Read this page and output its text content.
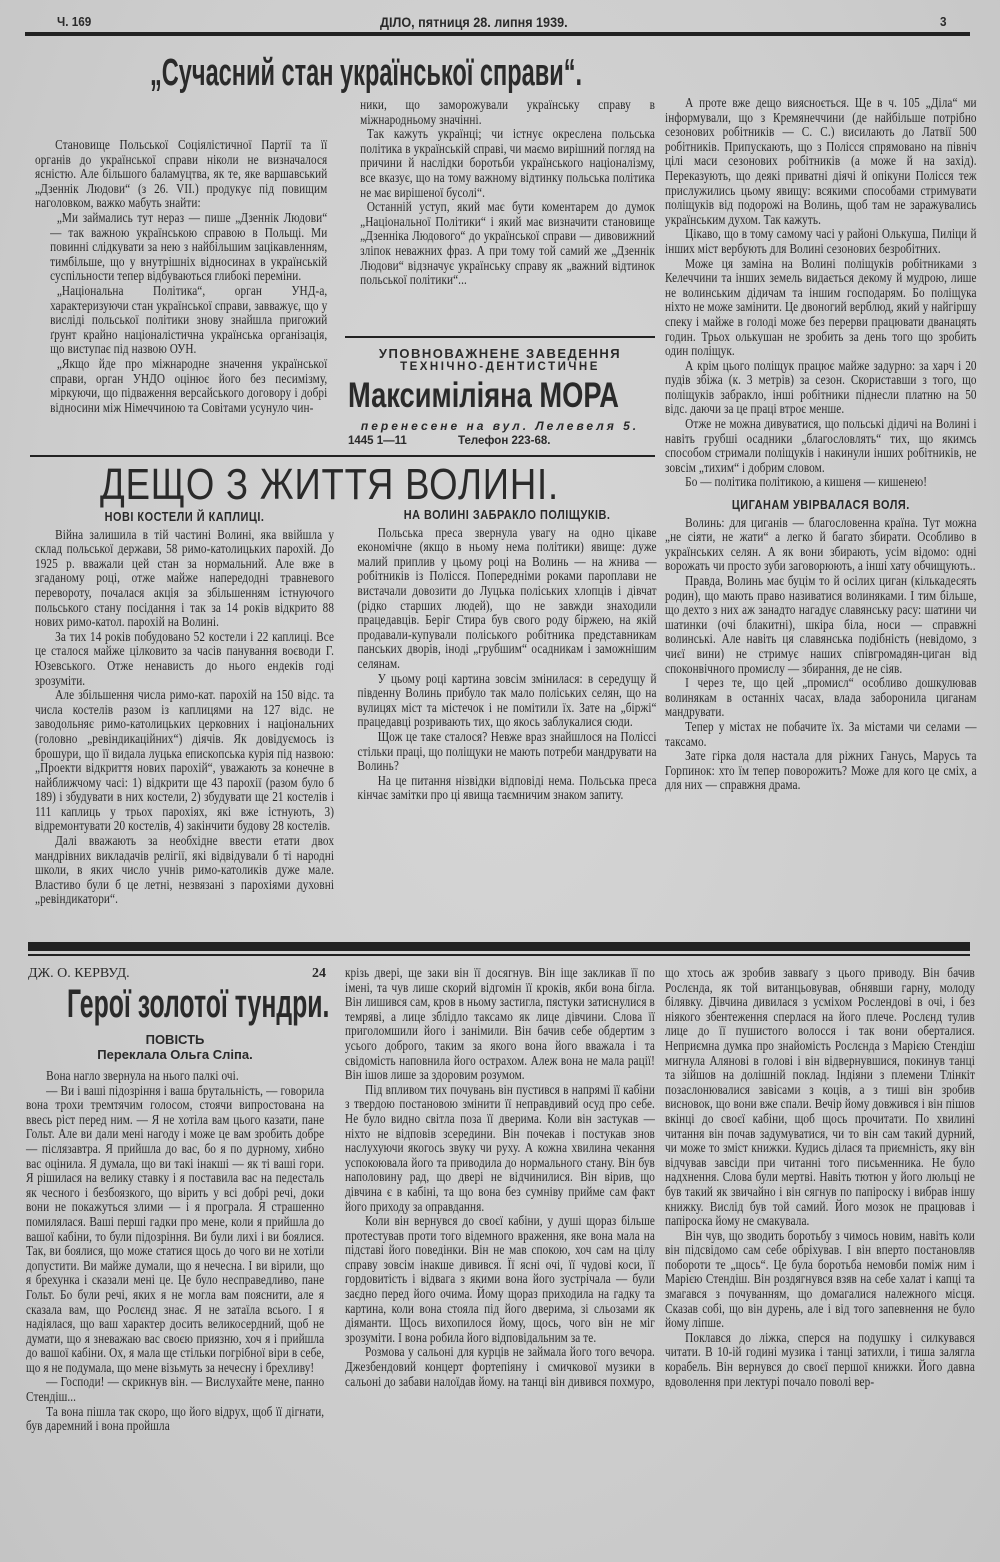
Ч. 169	ДІЛО, пятниця 28. липня 1939.	3
„Сучасний стан української справи“.

Становище Польської Соціялістичної Партії та її органів до української справи ніколи не визначалося ясністю. Але більшого баламуцтва, як те, яке варшавський „Дзеннік Людови“ (з 26. VII.) продукує під повищим наголовком, важко мабуть знайти:

„Ми займались тут нераз — пише „Дзеннік Людови“ — так важною українською справою в Польщі. Ми повинні слідкувати за нею з найбільшим зацікавленням, тимбільше, що у внутрішніх відносинах в українській суспільности тепер відбуваються глибокі переміни.

„Національна Політика“, орган УНД-а, характеризуючи стан української справи, завважує, що у висліді польської політики знову знайшла пригожий ґрунт крайно націоналістична українська організація, що виступає під назвою ОУН.

„Якщо йде про міжнародне значення української справи, орган УНДО оцінює його без песимізму, міркуючи, що підваження версайського договору і добрі відносини між Німеччиною та Совітами усунуло чин-

ники, що заморожували українську справу в міжнародньому значінні.

Так кажуть українці; чи істнує окреслена польська політика в українській справі, чи маємо вирішний погляд на причини й наслідки боротьби українського націоналізму, все вказує, що на тому важному відтинку польська політика не має вирішеної бусолі“.

Останній уступ, який має бути коментарем до думок „Національної Політики“ і який має визначити становище „Дзенніка Людового“ до української справи — дивовижний зліпок неважних фраз. А при тому той самий же „Дзеннік Людови“ відзначує українську справу як „важний відтинок польської політики“...

УПОВНОВАЖНЕНЕ ЗАВЕДЕННЯ
ТЕХНІЧНО-ДЕНТИСТИЧНЕ
Максиміліяна МОРА
перенесене на вул. Лелевеля 5.
1445 1—11	Телефон 223-68.

А проте вже дещо виясноється. Ще в ч. 105 „Діла“ ми інформували, що з Кремянеччини (де найбільше потрібно сезонових робітників — С. С.) висилають до Латвії 500 робітників. Припускають, що з Полісся спрямовано на північ цілі маси сезонових робітників (а може й на захід). Переказують, що деякі приватні діячі й опікуни Полісся теж прислужились цьому явищу: всякими способами стримувати поліщуків від подорожі на Волинь, щоб там не заражувались українським духом. Так кажуть.

Цікаво, що в тому самому часі у районі Олькуша, Пиліци й інших міст вербують для Волині сезонових безробітних.

Може ця заміна на Волині поліщуків робітниками з Келеччини та інших земель видається декому й мудрою, лише не волинським дідичам та іншим господарям. Бо поліщука ніхто не може замінити. Це двоногий верблюд, який у найгіршу спеку і майже в голоді може без перерви працювати дванацять годин. Трьох олькушан не зробить за день того що зробить один поліщук.

А крім цього поліщук працює майже задурно: за харч і 20 пудів збіжа (к. 3 метрів) за сезон. Скориставши з того, що поліщуків забракло, інші робітники піднесли платню на 50 відс. даючи за це праці втроє менше.

Отже не можна дивуватися, що польські дідичі на Волині і навіть грубші осадники „благословлять“ тих, що якимсь способом стримали поліщуків і накинули інших робітників, не зовсім „тихим“ і добрим словом.

Бо — політика політикою, а кишеня — кишенею!

ЦИГАНАМ УВІРВАЛАСЯ ВОЛЯ.

Волинь: для циганів — благословенна країна. Тут можна „не сіяти, не жати“ а легко й багато збирати. Особливо в українських селян. А як вони збирають, усім відомо: одні ворожать чи просто зуби заговорюють, а інші хату обчищують..

Правда, Волинь має буцім то й осілих циган (кількадесять родин), що мають право називатися волиняками. І тим більше, що дехто з них аж занадто нагадує славянську расу: шатини чи шатинки (очі блакитні), шкіра біла, носи — справжні волинські. Але навіть ця славянська подібність (невідомо, з чиєї вини) не стримує наших співгромадян-циган від споконвічного промислу — збирання, де не сіяв.

І через те, що цей „промисл“ особливо дошкулював волинякам в останніх часах, влада заборонила циганам мандрувати.

Тепер у містах не побачите їх. За містами чи селами — таксамо.

Зате гірка доля настала для ріжних Ганусь, Марусь та Горпинок: хто їм тепер поворожить? Може для кого це сміх, а для них — справжня драма.

ДЕЩО З ЖИТТЯ ВОЛИНІ.
НОВІ КОСТЕЛИ Й КАПЛИЦІ.

Війна залишила в тій частині Волині, яка ввійшла у склад польської держави, 58 римо-католицьких парохій. До 1925 р. вважали цей стан за нормальний. Але вже в згаданому році, отже майже напередодні травневого перевороту, почалася акція за збільшенням істнуючого польського стану посідання і так за 14 років відкрито 88 нових римо-катол. парохій на Волині.

За тих 14 років побудовано 52 костели і 22 каплиці. Все це сталося майже цілковито за часів панування воєводи Г. Юзевського. Отже ненависть до нього ендеків годі зрозуміти.

Але збільшення числа римо-кат. парохій на 150 відс. та числа костелів разом із каплицями на 127 відс. не заводольняє римо-католицьких церковних і національних (головно „ревіндикаційних“) діячів. Як довідуємось із брошури, що її видала луцька епископська курія під назвою: „Проекти відкриття нових парохій“, уважають за конечне в найближчому часі: 1) відкрити ще 43 парохії (разом було б 189) і збудувати в них костели, 2) збудувати ще 21 костелів і 111 каплиць у трьох парохіях, які вже істнують, 3) відремонтувати 20 костелів, 4) закінчити будову 28 костелів.

Далі вважають за необхідне ввести етати двох мандрівних викладачів релігії, які відвідували б ті народні школи, в яких число учнів римо-католиків дуже мале. Властиво були б це летні, незвязані з парохіями духовні „ревіндикатори“.

НА ВОЛИНІ ЗАБРАКЛО ПОЛІЩУКІВ.

Польська преса звернула увагу на одно цікаве економічне (якщо в ньому нема політики) явище: дуже малий приплив у цьому році на Волинь — на жнива — робітників із Полісся. Попередніми роками пароплави не вистачали довозити до Луцька поліських хлопців і дівчат (рідко старших людей), що не завжди знаходили працедавців. Беріг Стира був свого роду біржею, на якій продавали-купували поліського робітника представникам панських дворів, іноді „грубшим“ осадникам і заможнішим селянам.

У цьому році картина зовсім змінилася: в середущу й південну Волинь прибуло так мало поліських селян, що на вулицях міст та містечок і не помітили їх. Зате на „біржі“ працедавці розривають тих, що якось заблукалися сюди.

Щож це таке сталося? Невже враз знайшлося на Поліссі стільки праці, що поліщуки не мають потреби мандрувати на Волинь?

На це питання нізвідки відповіді нема. Польська преса кінчає замітки про ці явища таємничим знаком запиту.

ДЖ. О. КЕРВУД.	24
Герої золотої тундри.
ПОВІСТЬ
Переклала Ольга Сліпа.

Вона нагло звернула на нього палкі очі.

— Ви і ваші підозріння і ваша брутальність, — говорила вона трохи тремтячим голосом, стоячи випростована на ввесь ріст перед ним. — Я не хотіла вам цього казати, пане Гольт. Але ви дали мені нагоду і може це вам зробить добре — післязавтра. Я прийшла до вас, бо я по дурному, хибно вас оцінила. Я думала, що ви такі інакші — як ті ваші гори. Я рішилася на велику ставку і я поставила вас на педесталь як чесного і безбоязкого, що вірить у всі добрі речі, доки вони не покажуться злими — і я програла. Я страшенно помилялася. Ваші перші гадки про мене, коли я прийшла до вашої кабіни, то були підозріння. Ви були лихі і ви боялися. Так, ви боялися, що може статися щось до чого ви не хотіли допустити. Ви майже думали, що я нечесна. І ви вірили, що я брехунка і сказали мені це. Це було несправедливо, пане Гольт. Бо були речі, яких я не могла вам пояснити, але я сказала вам, що Рослєнд знає. Я не затаїла всього. І я надіялася, що ваш характер досить великосердний, щоб не думати, що я зневажаю вас своєю приязню, хоч я і прийшла до вашої кабіни. Ох, я мала ще стільки погрібної віри в себе, що я не подумала, що мене візьмуть за нечесну і брехливу!

— Господи! — скрикнув він. — Вислухайте мене, панно Стендіш...

Та вона пішла так скоро, що його відрух, щоб її дігнати, був даремний і вона пройшла

крізь двері, ще заки він її досягнув. Він іще закликав її по імені, та чув лише скорий відгомін її кроків, якби вона бігла. Він лишився сам, кров в ньому застигла, пястуки затиснулися в темряві, а лице зблідло таксамо як лице дівчини. Слова її приголомшили його і занімили. Він бачив себе обдертим з усього доброго, таким за якого вона його вважала і та свідомість наповнила його острахом. Алеж вона не мала рації! Він ішов лише за здоровим розумом.

Під впливом тих почувань він пустився в напрямі її кабіни з твердою постановою змінити її неправдивий осуд про себе. Не було видно світла поза її дверима. Коли він застукав — ніхто не відповів зсередини. Він почекав і постукав знов наслухуючи якогось звуку чи руху. А кожна хвилина чекання успокоювала його та приводила до нормального стану. Він був наполовину рад, що двері не відчинилися. Він вірив, що дівчина є в кабіні, та що вона без сумніву прийме сам факт його приходу за оправдання.

Коли він вернувся до своєї кабіни, у душі щораз більше протестував проти того відемного враження, яке вона мала на підставі його поведінки. Він не мав спокою, хоч сам на цілу справу зовсім інакше дивився. Її ясні очі, її чудові коси, її гордовитість і відвага з якими вона його зустрічала — були заєдно перед його очима. Йому щораз приходила на гадку та картина, коли вона стояла під його дверима, зі сльозами як діяманти. Щось вихопилося йому, щось, чого він не міг зрозуміти. І вона робила його відповідальним за те.

Розмова у сальоні для курців не займала його того вечора. Джезбендовий концерт фортепіяну і смичкової музики в сальоні до забави налоїдав йому. на танці він дивився похмуро,

що хтось аж зробив завваґу з цього приводу. Він бачив Рослєнда, як той витанцьовував, обнявши гарну, молоду білявку. Дівчина дивилася з усміхом Рослендові в очі, і без ніякого збентеження сперлася на його плече. Рослєнд тулив лице до її пушистого волосся і так вони оберталися. Неприємна думка про знайомість Рослєнда з Марією Стендіш мигнула Алянові в голові і він відвернувшися, покинув танці та зійшов на долішній поклад. Індіяни з племени Тлінкіт позаслонювалися завісами з коців, а з тиші він зробив висновок, що вони вже спали. Вечір йому довжився і він пішов вкінці до своєї кабіни, щоб щось прочитати. По хвилині читання він почав задумуватися, чи то він сам такий дурний, чи може то зміст книжки. Кудись ділася та приємність, яку він відчував завсіди при читанні того письменника. Не було надхнення. Слова були мертві. Навіть тютюн у його люльці не був такий як звичайно і він сягнув по папіроску і вибрав іншу книжку. Вислід був той самий. Його мозок не працював і папіроска йому не смакувала.

Він чув, що зводить боротьбу з чимось новим, навіть коли він підсвідомо сам себе обріхував. І він вперто постановляв побороти те „щось“. Це була боротьба немовби поміж ним і Марією Стендіш. Він роздягнувся взяв на себе халат і капці та змагався з почуванням, що домагалися належного місця. Сказав собі, що він дурень, але і від того запевнення не було йому ліпше.

Поклався до ліжка, сперся на подушку і силкувався читати. В 10-ій годині музика і танці затихли, і тиша залягла корабель. Він вернувся до своєї першої книжки. Його давна вдоволення при лектурі почало поволі вер-
